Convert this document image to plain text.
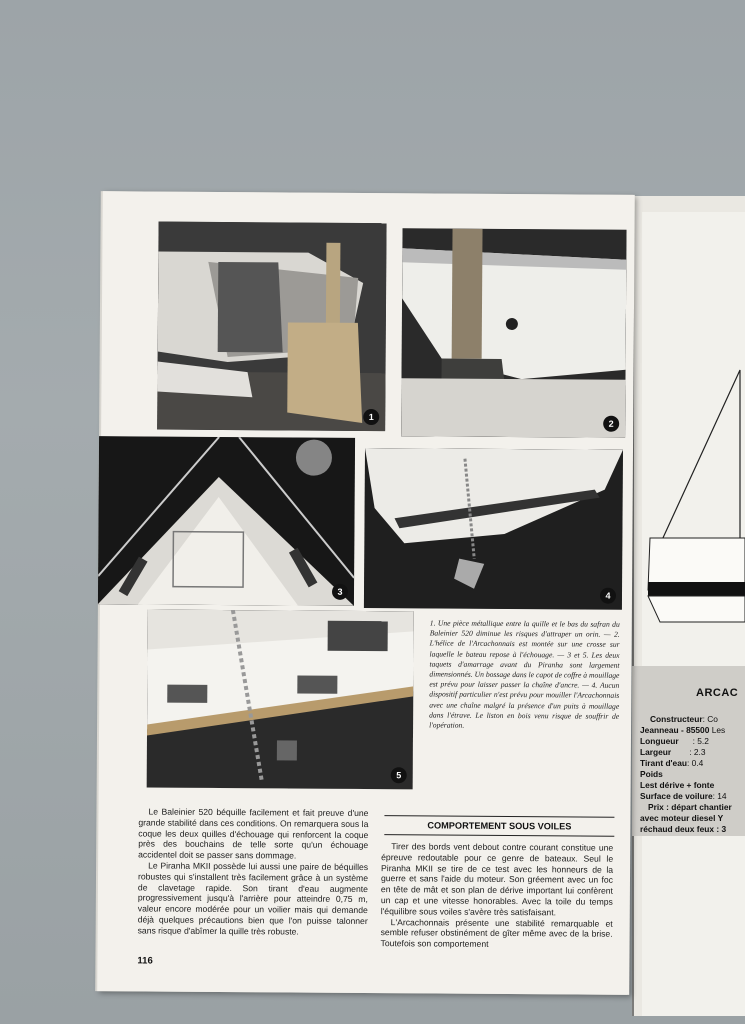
ARCAC
Constructeur: Co
Jeanneau - 85500 Les
Longueur : 5.2
Largeur : 2.3
Tirant d'eau: 0.4
Poids
Lest dérive + fonte
Surface de voilure: 14
Prix : départ chantier
avec moteur diesel Y
réchaud deux feux : 3
1
2
3	4
5
1. Une pièce métallique entre la quille et le bas du safran du Baleinier 520 diminue les risques d'attraper un orin. — 2. L'hélice de l'Arcachonnais est montée sur une crosse sur laquelle le bateau repose à l'échouage. — 3 et 5. Les deux taquets d'amarrage avant du Piranha sont largement dimensionnés. Un bossage dans le capot de coffre à mouillage est prévu pour laisser passer la chaîne d'ancre. — 4. Aucun dispositif particulier n'est prévu pour mouiller l'Arcachonnais avec une chaîne malgré la présence d'un puits à mouillage dans l'étrave. Le liston en bois venu risque de souffrir de l'opération.

Le Baleinier 520 béquille facilement et fait preuve d'une grande stabilité dans ces conditions. On remarquera sous la coque les deux quilles d'échouage qui renforcent la coque près des bouchains de telle sorte qu'un échouage accidentel doit se passer sans dommage.

Le Piranha MKII possède lui aussi une paire de béquilles robustes qui s'installent très facilement grâce à un système de clavetage rapide. Son tirant d'eau augmente progressivement jusqu'à l'arrière pour atteindre 0,75 m, valeur encore modérée pour un voilier mais qui demande déjà quelques précautions bien que l'on puisse talonner sans risque d'abîmer la quille très robuste.

COMPORTEMENT SOUS VOILES

Tirer des bords vent debout contre courant constitue une épreuve redoutable pour ce genre de bateaux. Seul le Piranha MKII se tire de ce test avec les honneurs de la guerre et sans l'aide du moteur. Son gréement avec un foc en tête de mât et son plan de dérive important lui confèrent un cap et une vitesse honorables. Avec la toile du temps l'équilibre sous voiles s'avère très satisfaisant.

L'Arcachonnais présente une stabilité remarquable et semble refuser obstinément de gîter même avec de la brise. Toutefois son comportement

116
